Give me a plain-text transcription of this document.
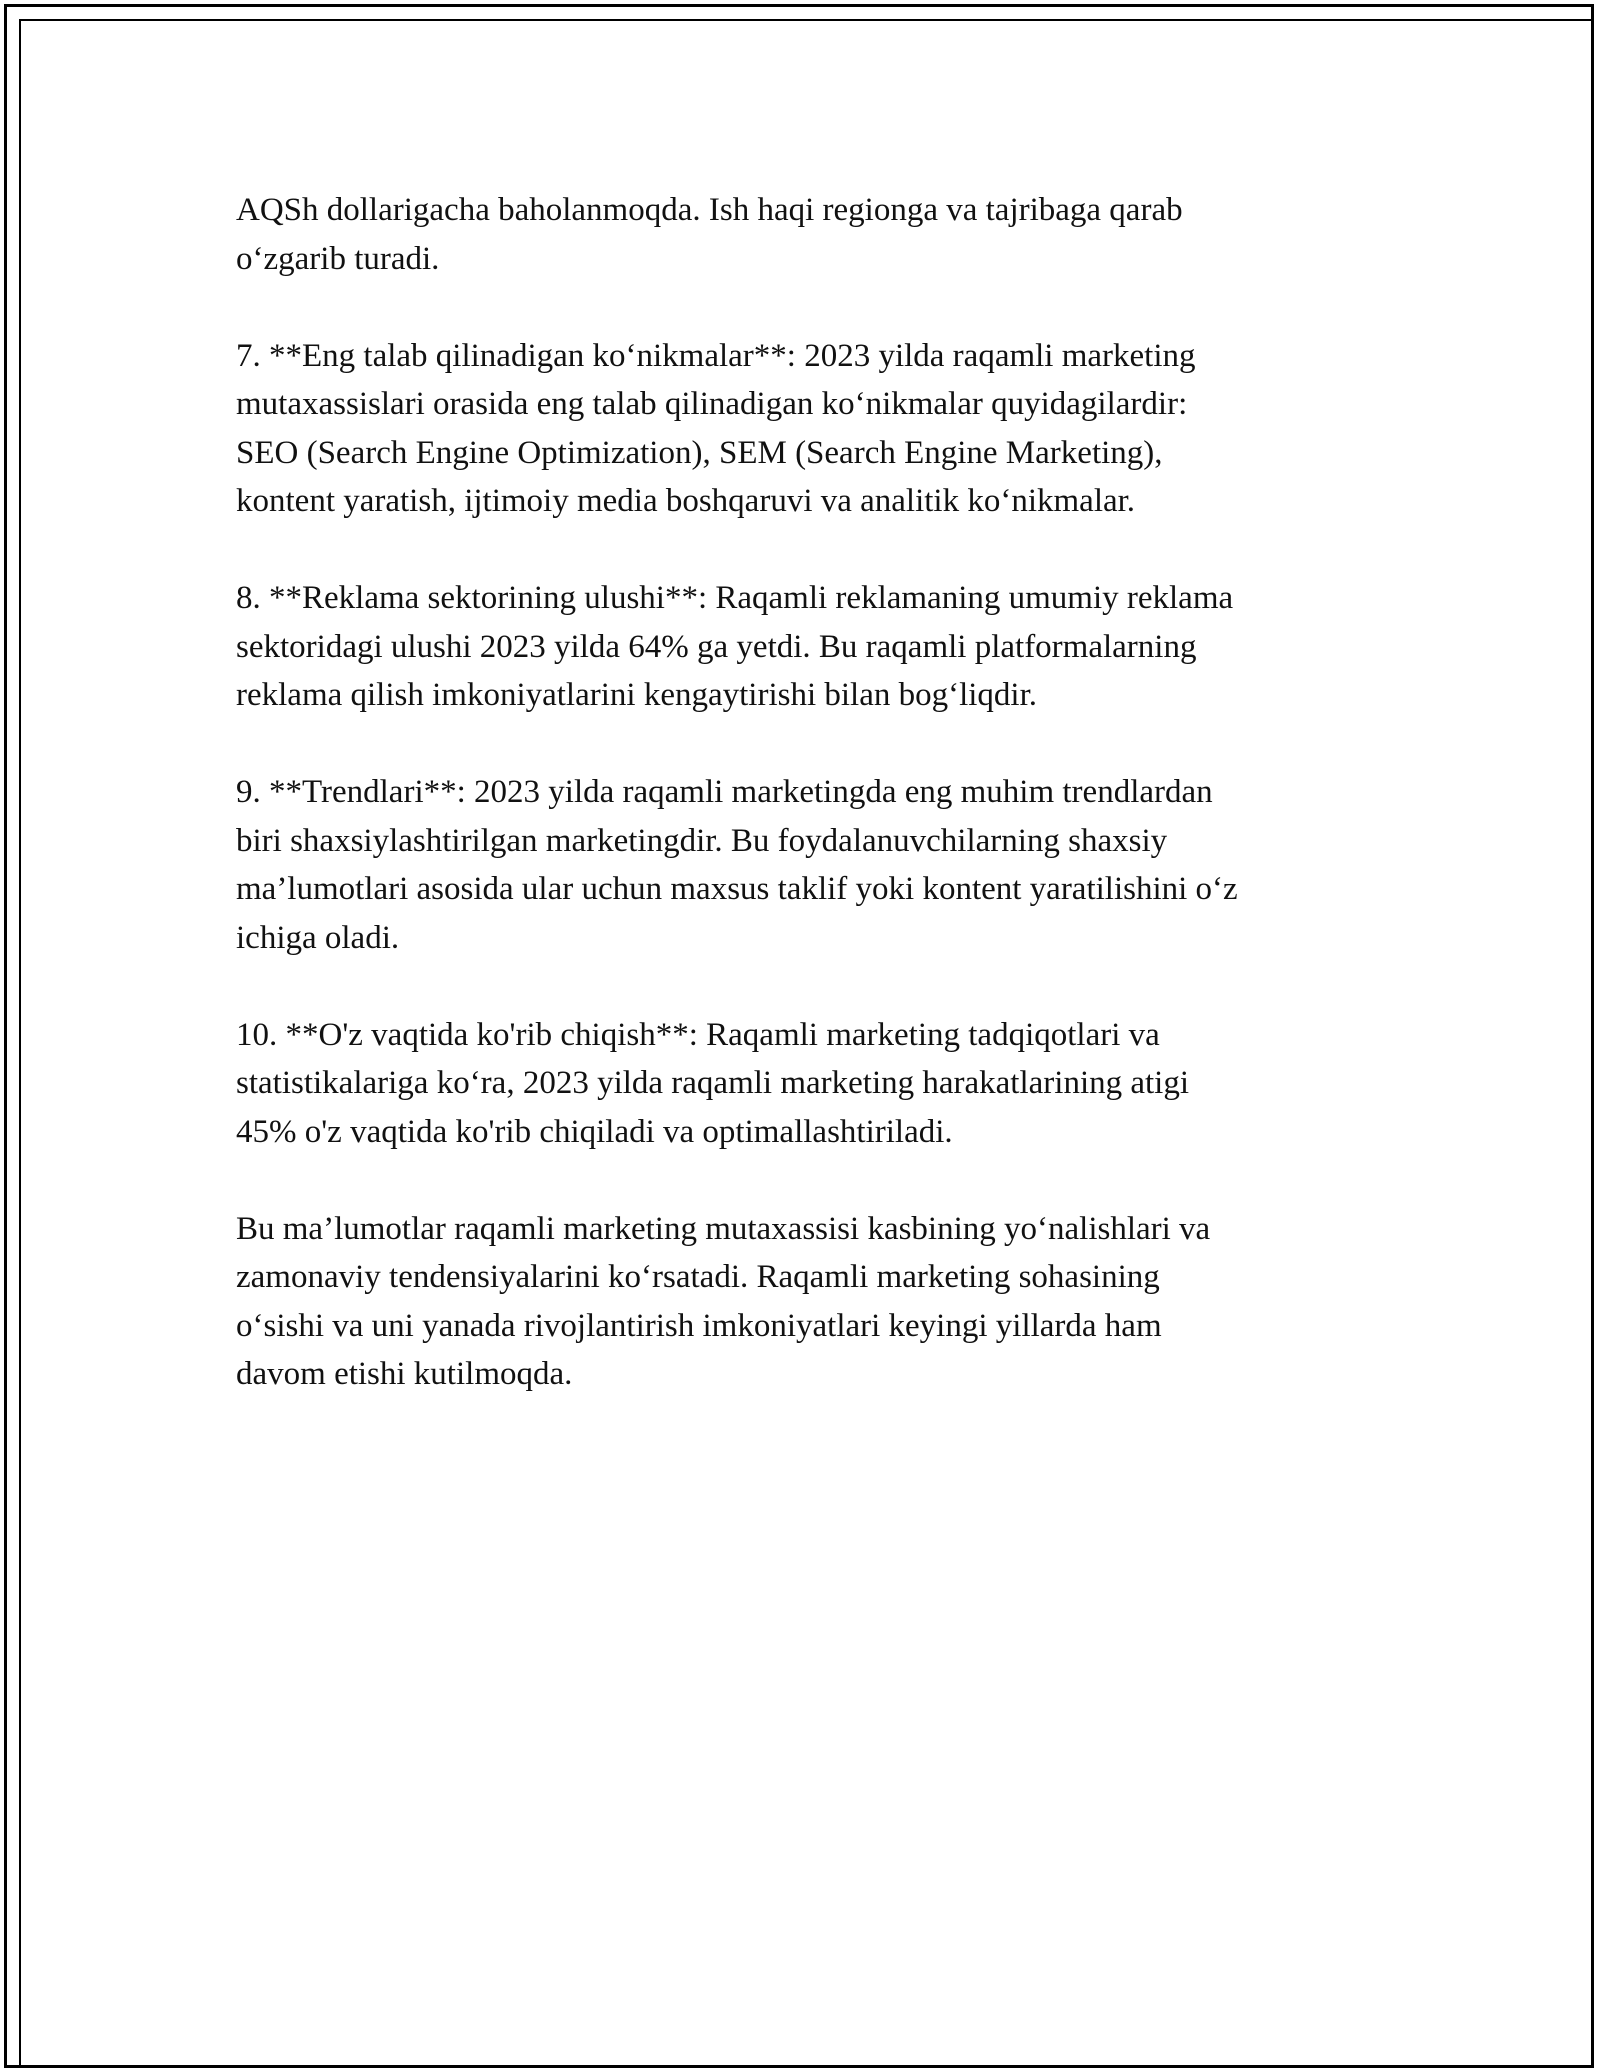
AQSh dollarigacha baholanmoqda. Ish haqi regionga va tajribaga qarab
o‘zgarib turadi.

7. **Eng talab qilinadigan ko‘nikmalar**: 2023 yilda raqamli marketing
mutaxassislari orasida eng talab qilinadigan ko‘nikmalar quyidagilardir:
SEO (Search Engine Optimization), SEM (Search Engine Marketing),
kontent yaratish, ijtimoiy media boshqaruvi va analitik ko‘nikmalar.

8. **Reklama sektorining ulushi**: Raqamli reklamaning umumiy reklama
sektoridagi ulushi 2023 yilda 64% ga yetdi. Bu raqamli platformalarning
reklama qilish imkoniyatlarini kengaytirishi bilan bog‘liqdir.

9. **Trendlari**: 2023 yilda raqamli marketingda eng muhim trendlardan
biri shaxsiylashtirilgan marketingdir. Bu foydalanuvchilarning shaxsiy
ma’lumotlari asosida ular uchun maxsus taklif yoki kontent yaratilishini o‘z
ichiga oladi.

10. **O'z vaqtida ko'rib chiqish**: Raqamli marketing tadqiqotlari va
statistikalariga ko‘ra, 2023 yilda raqamli marketing harakatlarining atigi
45% o'z vaqtida ko'rib chiqiladi va optimallashtiriladi.

Bu ma’lumotlar raqamli marketing mutaxassisi kasbining yo‘nalishlari va
zamonaviy tendensiyalarini ko‘rsatadi. Raqamli marketing sohasining
o‘sishi va uni yanada rivojlantirish imkoniyatlari keyingi yillarda ham
davom etishi kutilmoqda.
